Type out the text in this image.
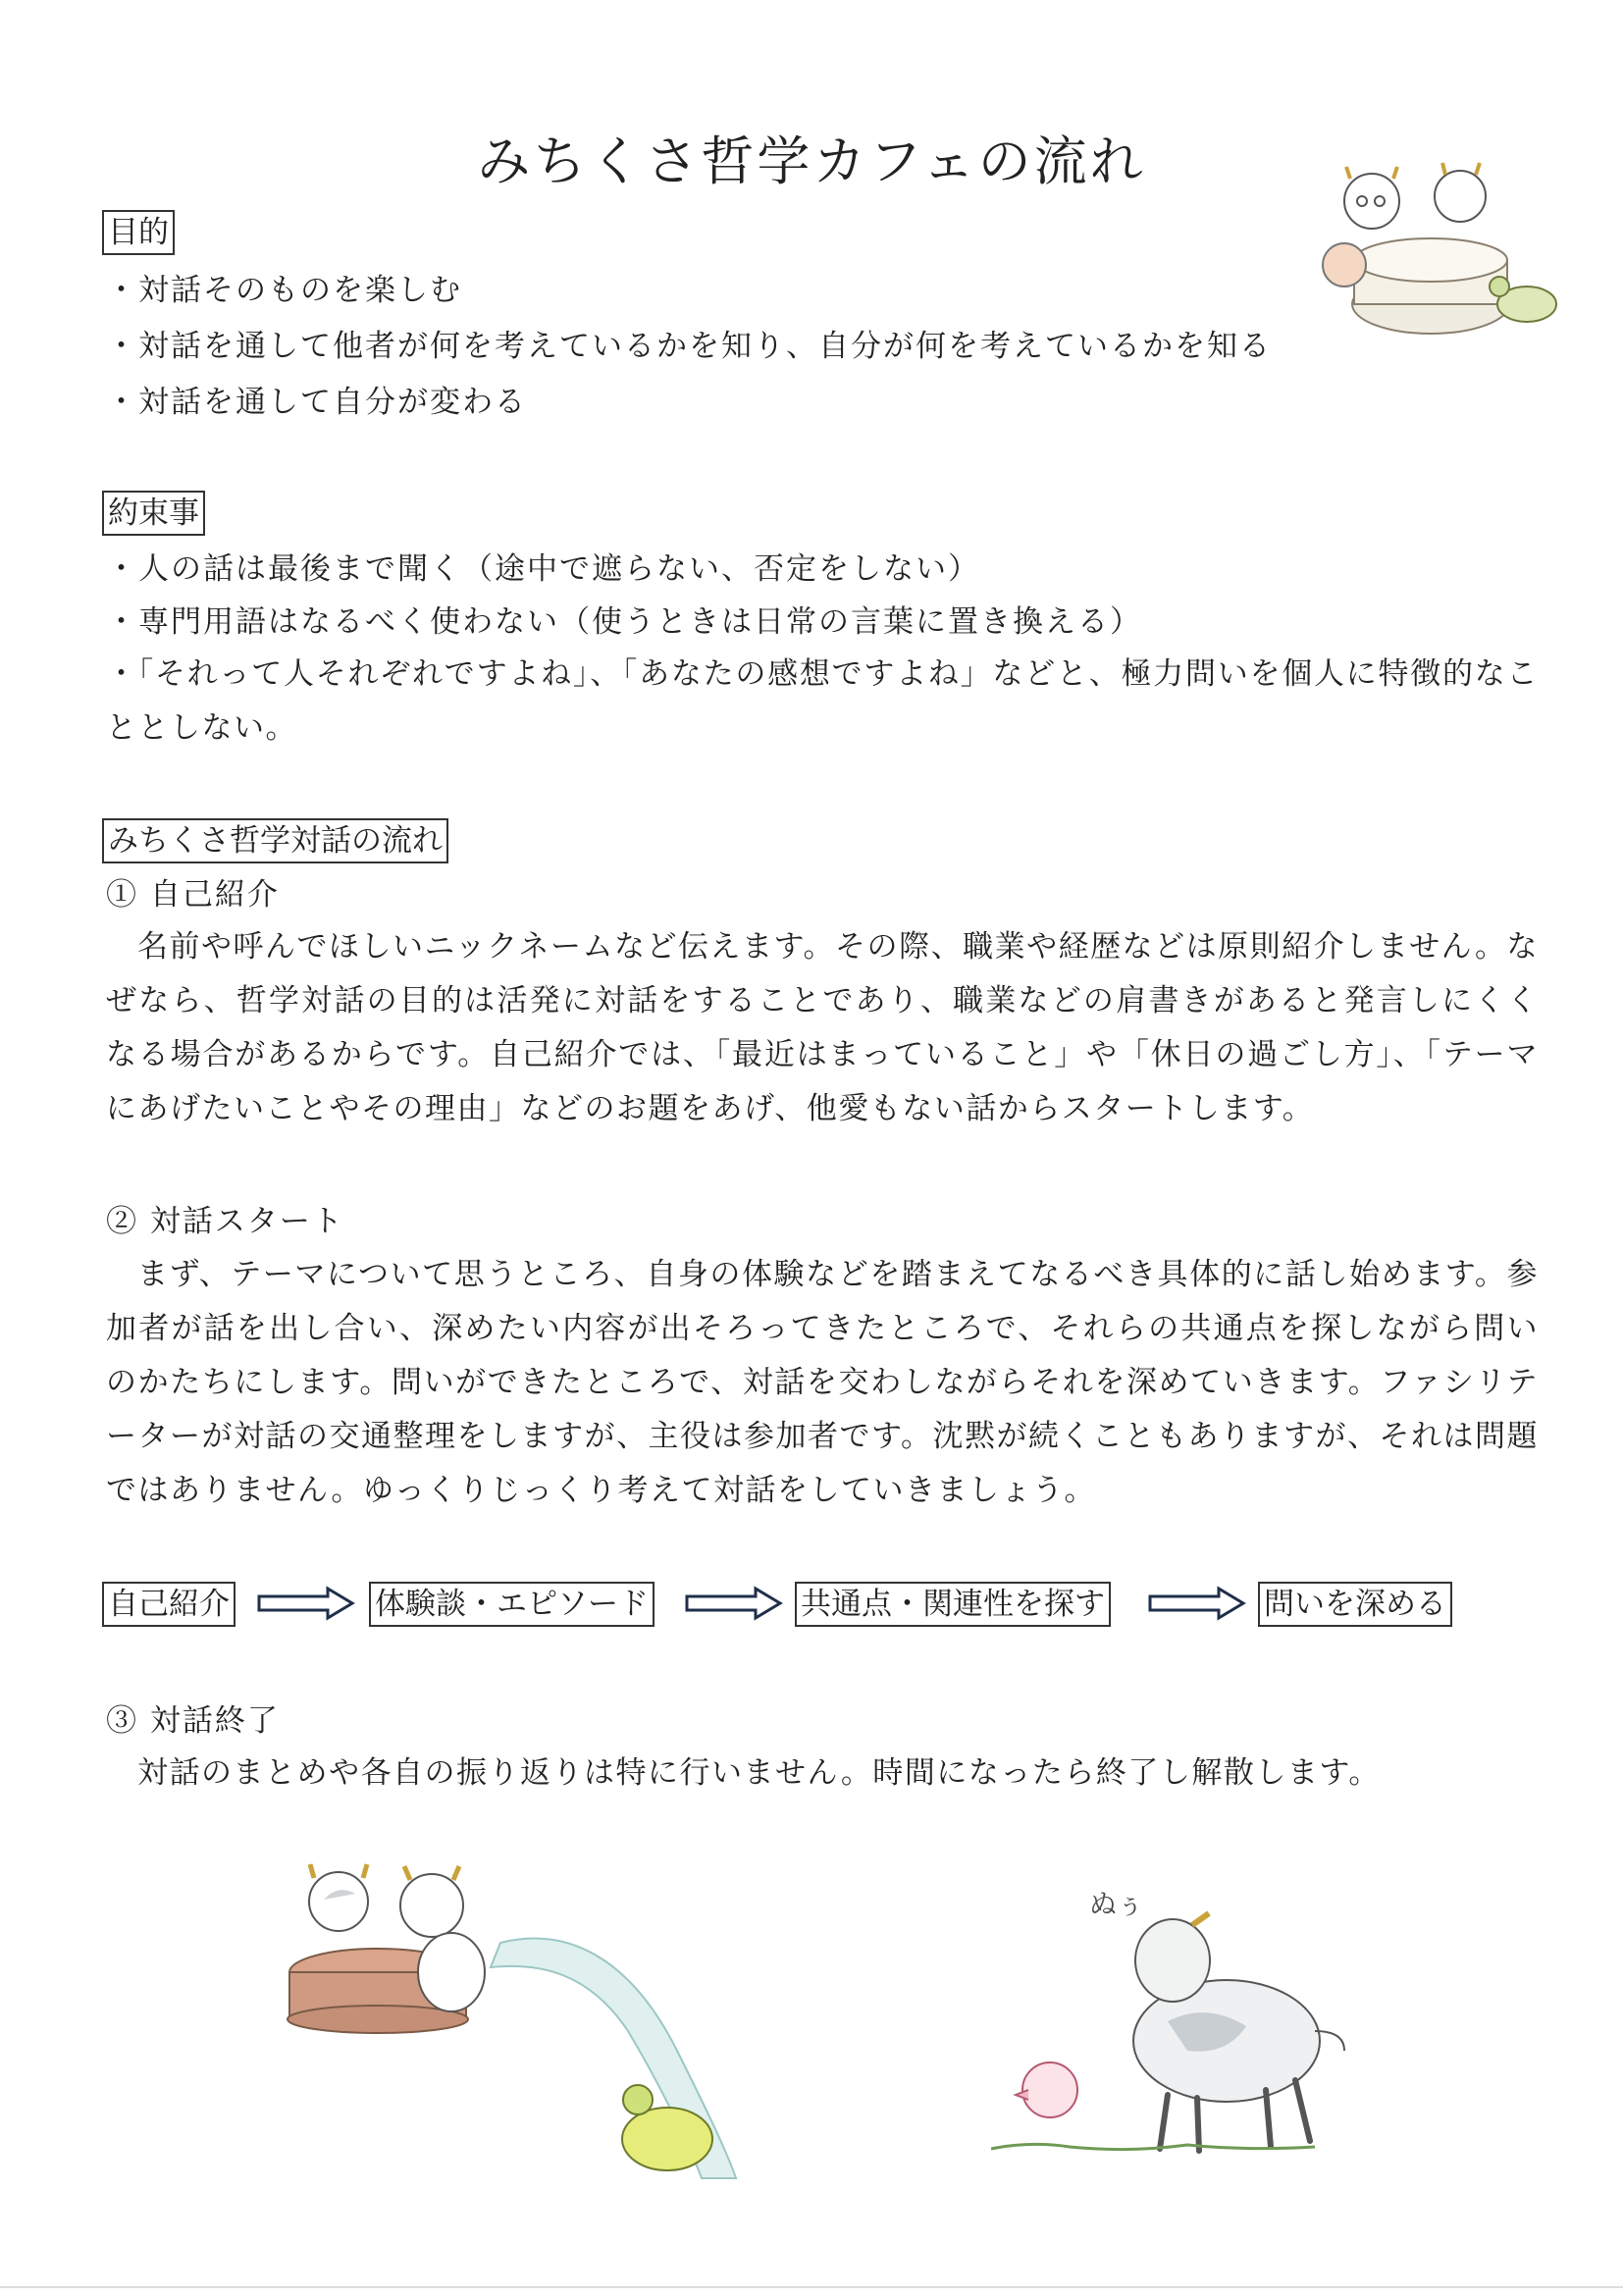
みちくさ哲学カフェの流れ
目的
・対話そのものを楽しむ
・対話を通して他者が何を考えているかを知り、自分が何を考えているかを知る
・対話を通して自分が変わる
約束事
・人の話は最後まで聞く（途中で遮らない、否定をしない）
・専門用語はなるべく使わない（使うときは日常の言葉に置き換える）
・「それって人それぞれですよね」、「あなたの感想ですよね」などと、極力問いを個人に特徴的なこととしない。
みちくさ哲学対話の流れ
① 自己紹介
名前や呼んでほしいニックネームなど伝えます。その際、職業や経歴などは原則紹介しません。なぜなら、哲学対話の目的は活発に対話をすることであり、職業などの肩書きがあると発言しにくくなる場合があるからです。自己紹介では、「最近はまっていること」や「休日の過ごし方」、「テーマにあげたいことやその理由」などのお題をあげ、他愛もない話からスタートします。
② 対話スタート
まず、テーマについて思うところ、自身の体験などを踏まえてなるべき具体的に話し始めます。参加者が話を出し合い、深めたい内容が出そろってきたところで、それらの共通点を探しながら問いのかたちにします。問いができたところで、対話を交わしながらそれを深めていきます。ファシリテーターが対話の交通整理をしますが、主役は参加者です。沈黙が続くこともありますが、それは問題ではありません。ゆっくりじっくり考えて対話をしていきましょう。
自己紹介	体験談・エピソード	共通点・関連性を探す	問いを深める
③ 対話終了
対話のまとめや各自の振り返りは特に行いません。時間になったら終了し解散します。
ぬぅ
